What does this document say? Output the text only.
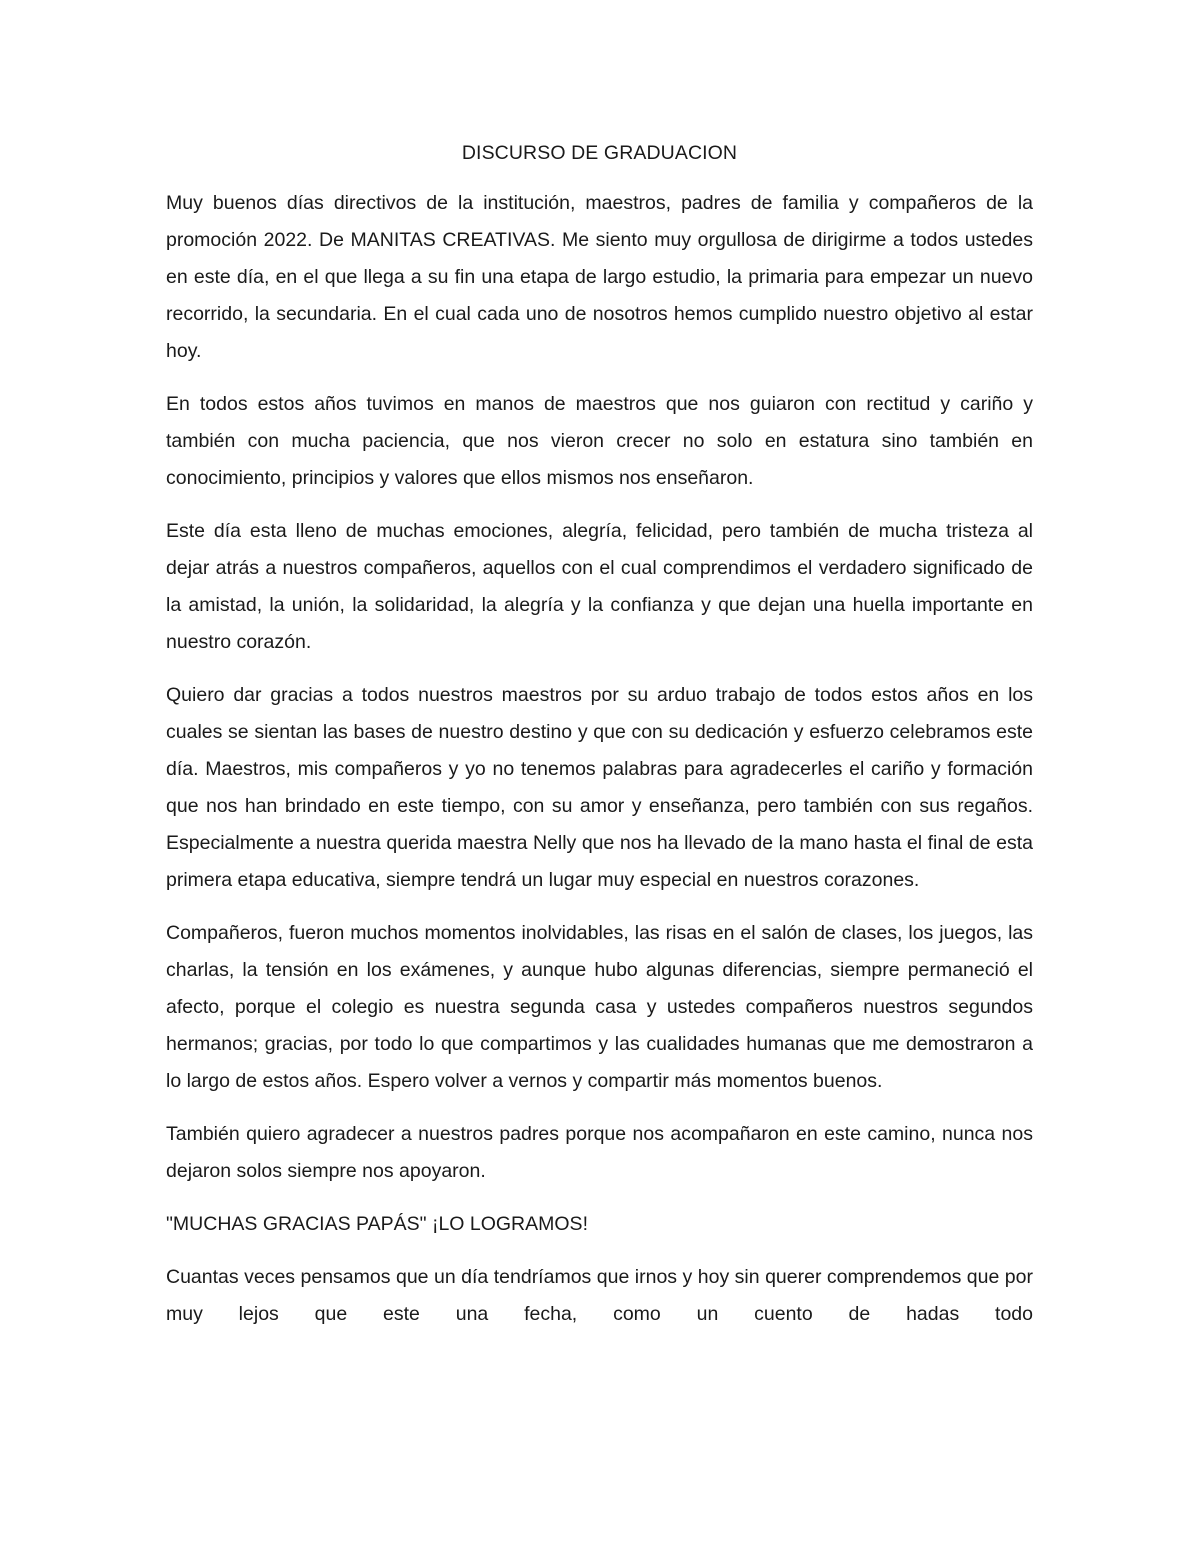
DISCURSO DE GRADUACION

Muy buenos días directivos de la institución, maestros, padres de familia y compañeros de la promoción 2022. De MANITAS CREATIVAS. Me siento muy orgullosa de dirigirme a todos ustedes en este día, en el que llega a su fin una etapa de largo estudio, la primaria para empezar un nuevo recorrido, la secundaria. En el cual cada uno de nosotros hemos cumplido nuestro objetivo al estar hoy.

En todos estos años tuvimos en manos de maestros que nos guiaron con rectitud y cariño y también con mucha paciencia, que nos vieron crecer no solo en estatura sino también en conocimiento, principios y valores que ellos mismos nos enseñaron.

Este día esta lleno de muchas emociones, alegría, felicidad, pero también de mucha tristeza al dejar atrás a nuestros compañeros, aquellos con el cual comprendimos el verdadero significado de la amistad, la unión, la solidaridad, la alegría y la confianza y que dejan una huella importante en nuestro corazón.

Quiero dar gracias a todos nuestros maestros por su arduo trabajo de todos estos años en los cuales se sientan las bases de nuestro destino y que con su dedicación y esfuerzo celebramos este día. Maestros, mis compañeros y yo no tenemos palabras para agradecerles el cariño y formación que nos han brindado en este tiempo, con su amor y enseñanza, pero también con sus regaños. Especialmente a nuestra querida maestra Nelly que nos ha llevado de la mano hasta el final de esta primera etapa educativa, siempre tendrá un lugar muy especial en nuestros corazones.

Compañeros, fueron muchos momentos inolvidables, las risas en el salón de clases, los juegos, las charlas, la tensión en los exámenes, y aunque hubo algunas diferencias, siempre permaneció el afecto, porque el colegio es nuestra segunda casa y ustedes compañeros nuestros segundos hermanos; gracias, por todo lo que compartimos y las cualidades humanas que me demostraron a lo largo de estos años. Espero volver a vernos y compartir más momentos buenos.

También quiero agradecer a nuestros padres porque nos acompañaron en este camino, nunca nos dejaron solos siempre nos apoyaron.

"MUCHAS GRACIAS PAPÁS" ¡LO LOGRAMOS!

Cuantas veces pensamos que un día tendríamos que irnos y hoy sin querer comprendemos que por muy lejos que este una fecha, como un cuento de hadas todo
